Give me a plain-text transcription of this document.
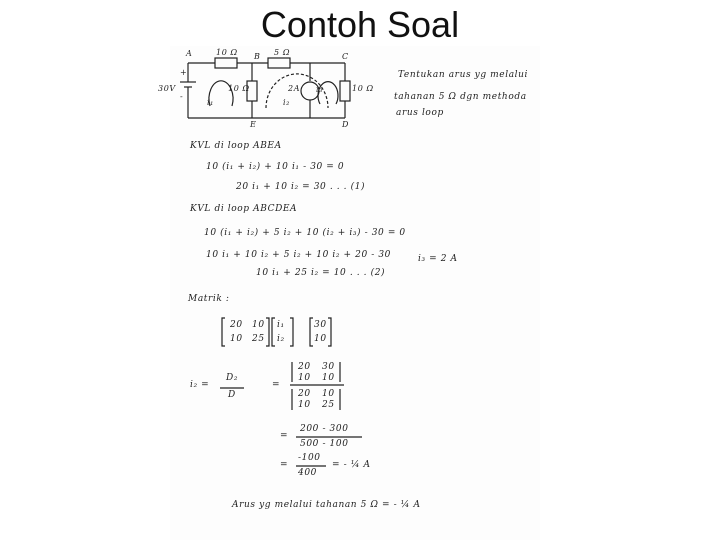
Contoh Soal
A	10 Ω B 5 Ω	C
+
-
30V	10 Ω
i₁	i₂
i₃
2A	10 Ω
E	D
Tentukan arus yg melalui
tahanan 5 Ω dgn methoda
arus loop
KVL di loop ABEA
10 (i₁ + i₂) + 10 i₁ - 30 = 0
20 i₁ + 10 i₂ = 30 . . . (1)
KVL di loop ABCDEA
10 (i₁ + i₂) + 5 i₂ + 10 (i₂ + i₃) - 30 = 0
10 i₁ + 10 i₂ + 5 i₂ + 10 i₂ + 20 - 30	i₃ = 2 A
10 i₁ + 25 i₂ = 10 . . . (2)
Matrik :
20 10
10 25
i₁
i₂
30
10
i₂ =
D₂
D
=
20 30
10 10
20 10
10 25
=
200 - 300
500 - 100
=
-100
400
= - ¼ A
Arus yg melalui tahanan 5 Ω = - ¼ A
